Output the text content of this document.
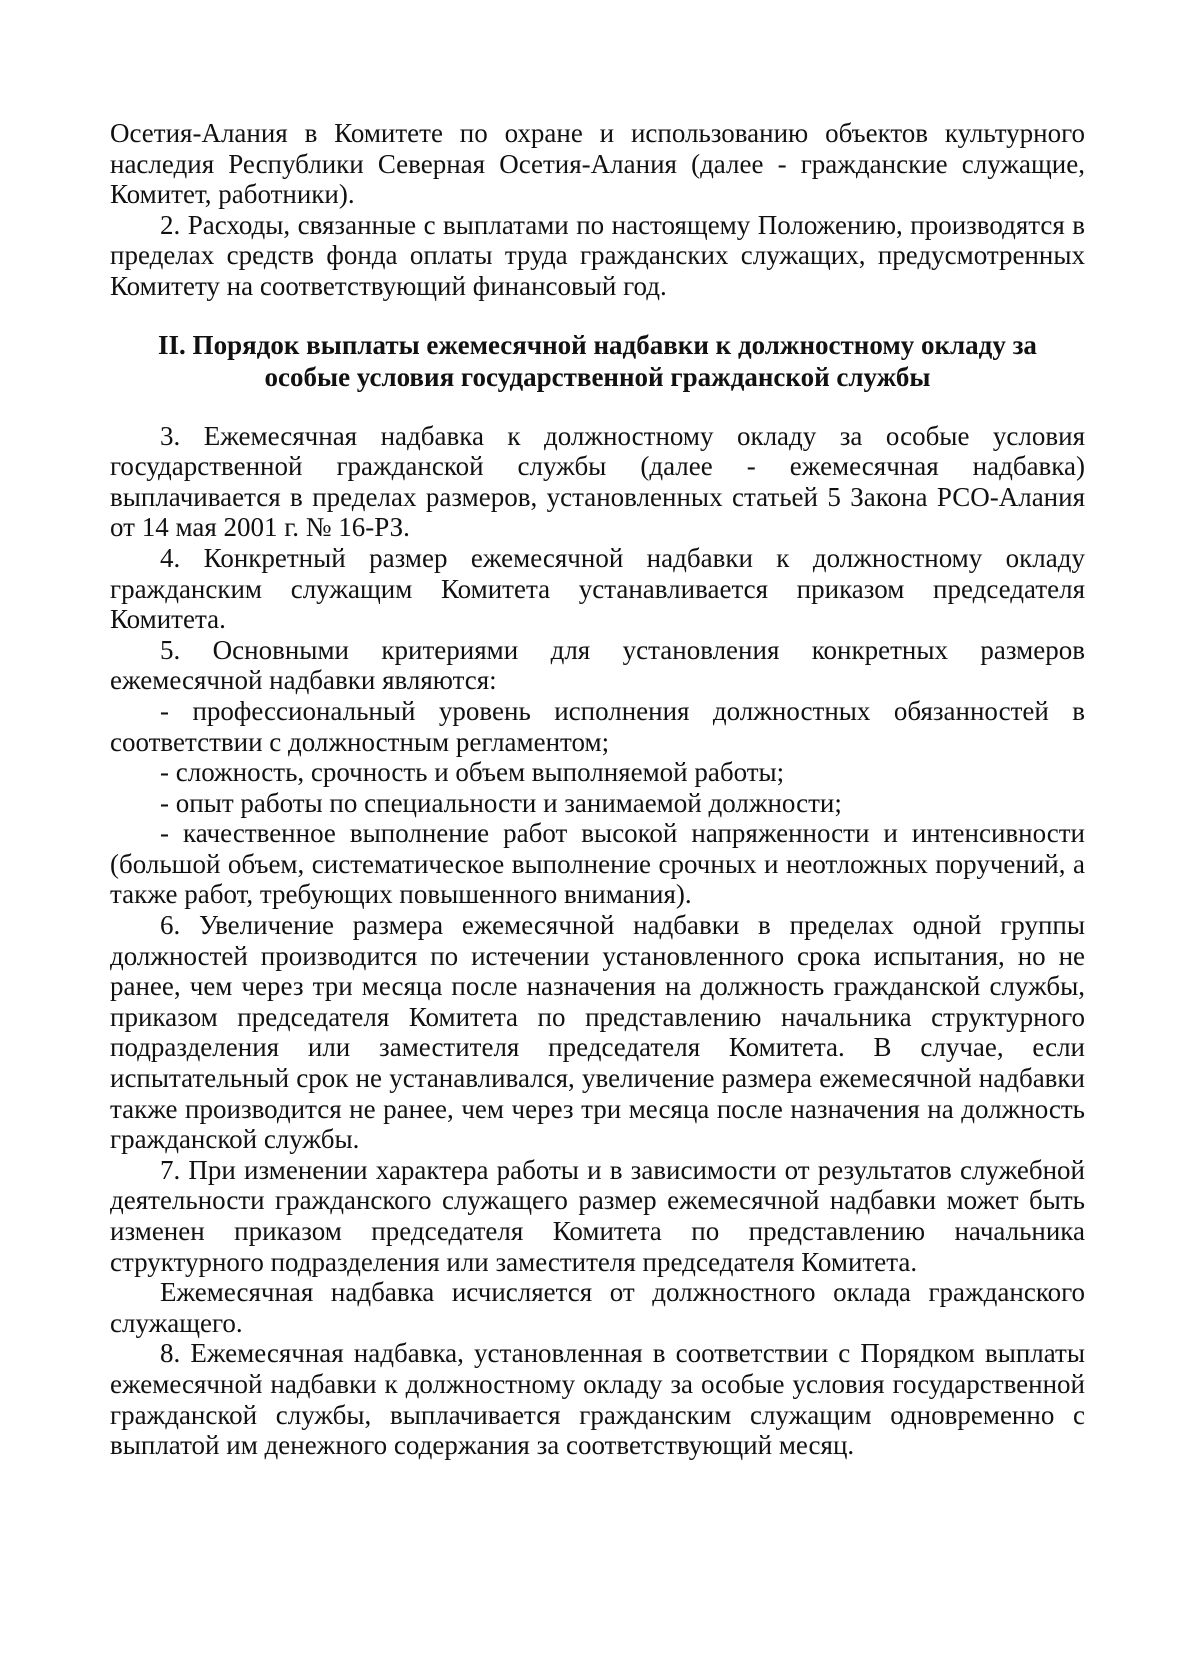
Осетия-Алания в Комитете по охране и использованию объектов культурного наследия Республики Северная Осетия-Алания (далее - гражданские служащие, Комитет, работники).

2. Расходы, связанные с выплатами по настоящему Положению, производятся в пределах средств фонда оплаты труда гражданских служащих, предусмотренных Комитету на соответствующий финансовый год.

II. Порядок выплаты ежемесячной надбавки к должностному окладу за особые условия государственной гражданской службы

3. Ежемесячная надбавка к должностному окладу за особые условия государственной гражданской службы (далее - ежемесячная надбавка) выплачивается в пределах размеров, установленных статьей 5 Закона РСО-Алания от 14 мая 2001 г. № 16-РЗ.

4. Конкретный размер ежемесячной надбавки к должностному окладу гражданским служащим Комитета устанавливается приказом председателя Комитета.

5. Основными критериями для установления конкретных размеров ежемесячной надбавки являются:

- профессиональный уровень исполнения должностных обязанностей в соответствии с должностным регламентом;

- сложность, срочность и объем выполняемой работы;

- опыт работы по специальности и занимаемой должности;

- качественное выполнение работ высокой напряженности и интенсивности (большой объем, систематическое выполнение срочных и неотложных поручений, а также работ, требующих повышенного внимания).

6. Увеличение размера ежемесячной надбавки в пределах одной группы должностей производится по истечении установленного срока испытания, но не ранее, чем через три месяца после назначения на должность гражданской службы, приказом председателя Комитета по представлению начальника структурного подразделения или заместителя председателя Комитета. В случае, если испытательный срок не устанавливался, увеличение размера ежемесячной надбавки также производится не ранее, чем через три месяца после назначения на должность гражданской службы.

7. При изменении характера работы и в зависимости от результатов служебной деятельности гражданского служащего размер ежемесячной надбавки может быть изменен приказом председателя Комитета по представлению начальника структурного подразделения или заместителя председателя Комитета.

Ежемесячная надбавка исчисляется от должностного оклада гражданского служащего.

8. Ежемесячная надбавка, установленная в соответствии с Порядком выплаты ежемесячной надбавки к должностному окладу за особые условия государственной гражданской службы, выплачивается гражданским служащим одновременно с выплатой им денежного содержания за соответствующий месяц.
